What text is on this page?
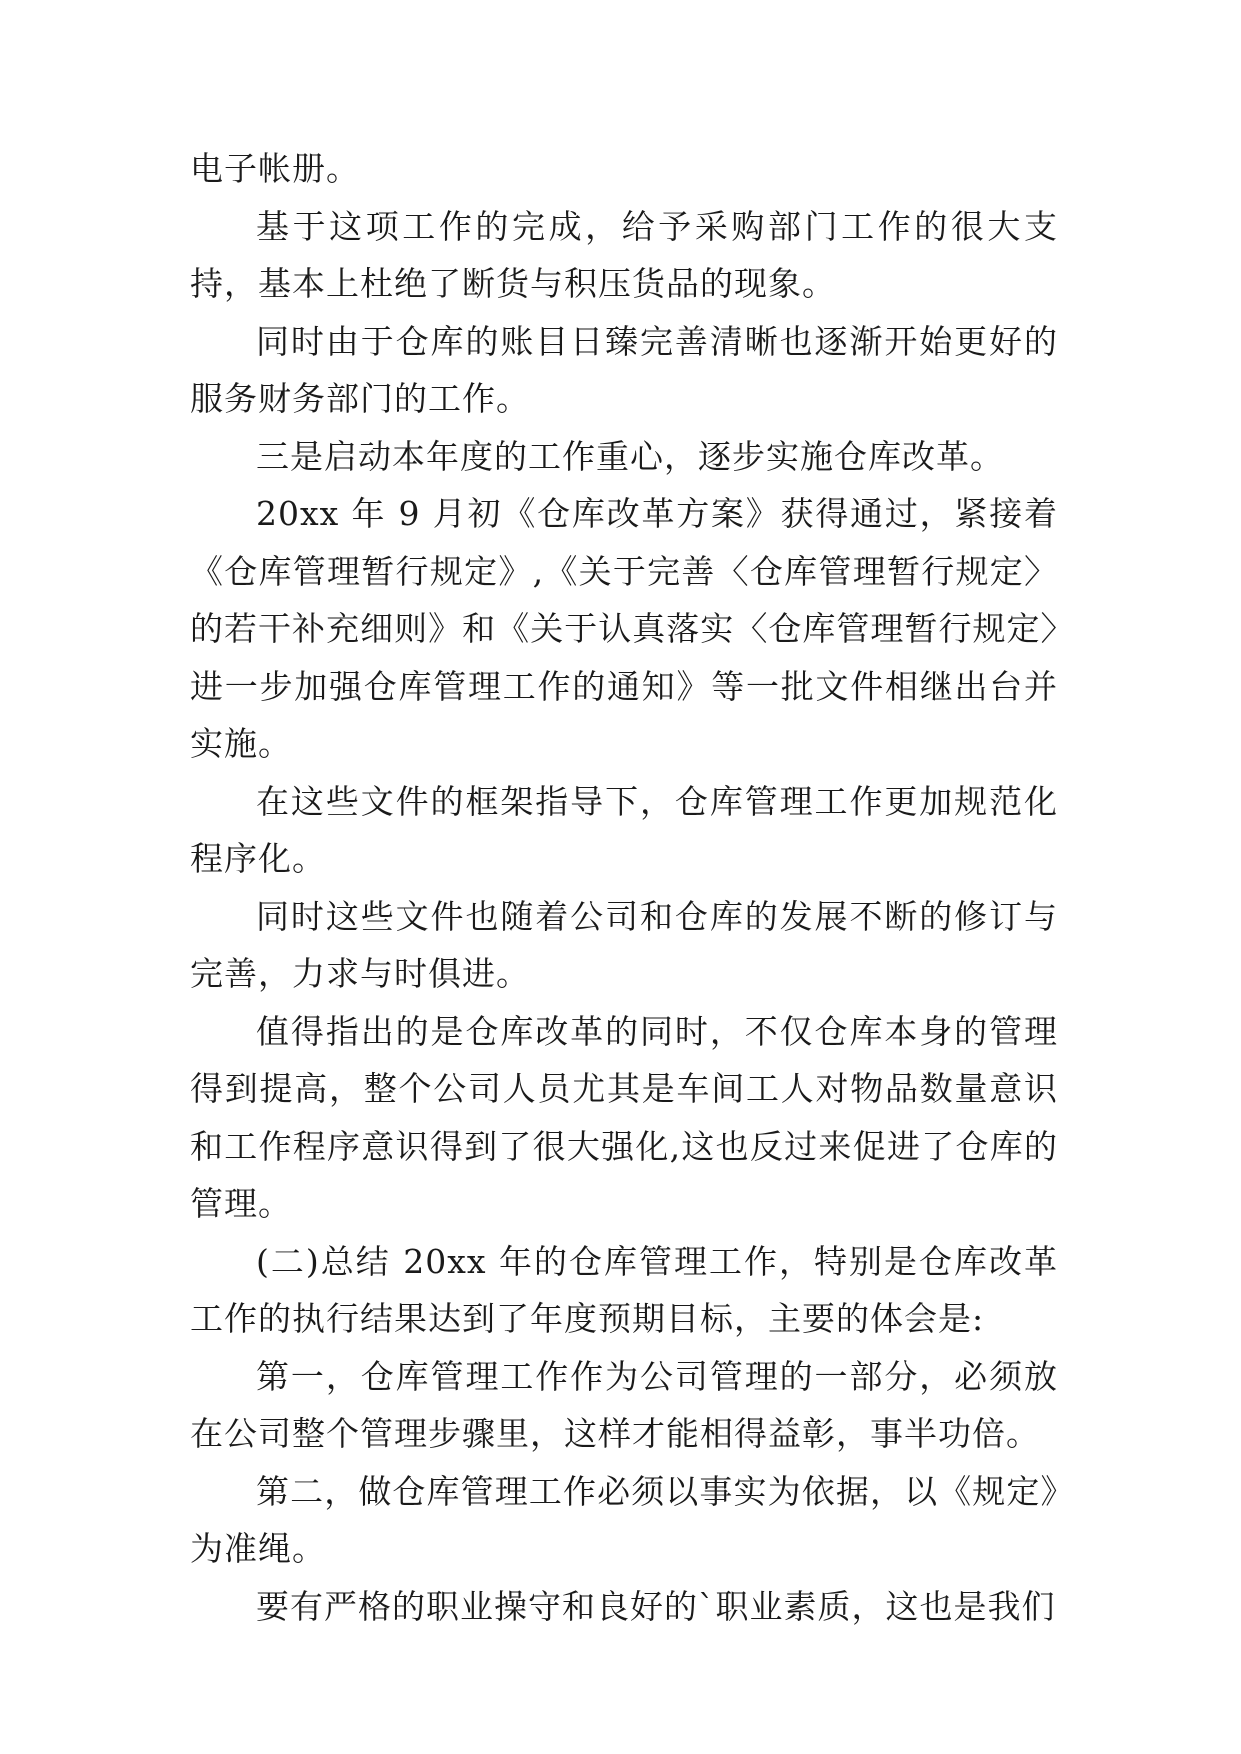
电子帐册。

基于这项工作的完成，给予采购部门工作的很大支持，基本上杜绝了断货与积压货品的现象。

同时由于仓库的账目日臻完善清晰也逐渐开始更好的服务财务部门的工作。

三是启动本年度的工作重心，逐步实施仓库改革。

20xx 年 9 月初《仓库改革方案》获得通过，紧接着《仓库管理暂行规定》,《关于完善〈仓库管理暂行规定〉的若干补充细则》和《关于认真落实〈仓库管理暂行规定〉进一步加强仓库管理工作的通知》等一批文件相继出台并实施。

在这些文件的框架指导下，仓库管理工作更加规范化程序化。

同时这些文件也随着公司和仓库的发展不断的修订与完善，力求与时俱进。

值得指出的是仓库改革的同时，不仅仓库本身的管理得到提高，整个公司人员尤其是车间工人对物品数量意识和工作程序意识得到了很大强化,这也反过来促进了仓库的管理。

(二)总结 20xx 年的仓库管理工作，特别是仓库改革工作的执行结果达到了年度预期目标，主要的体会是:

第一，仓库管理工作作为公司管理的一部分，必须放在公司整个管理步骤里，这样才能相得益彰，事半功倍。

第二，做仓库管理工作必须以事实为依据，以《规定》为准绳。

要有严格的职业操守和良好的`职业素质，这也是我们
